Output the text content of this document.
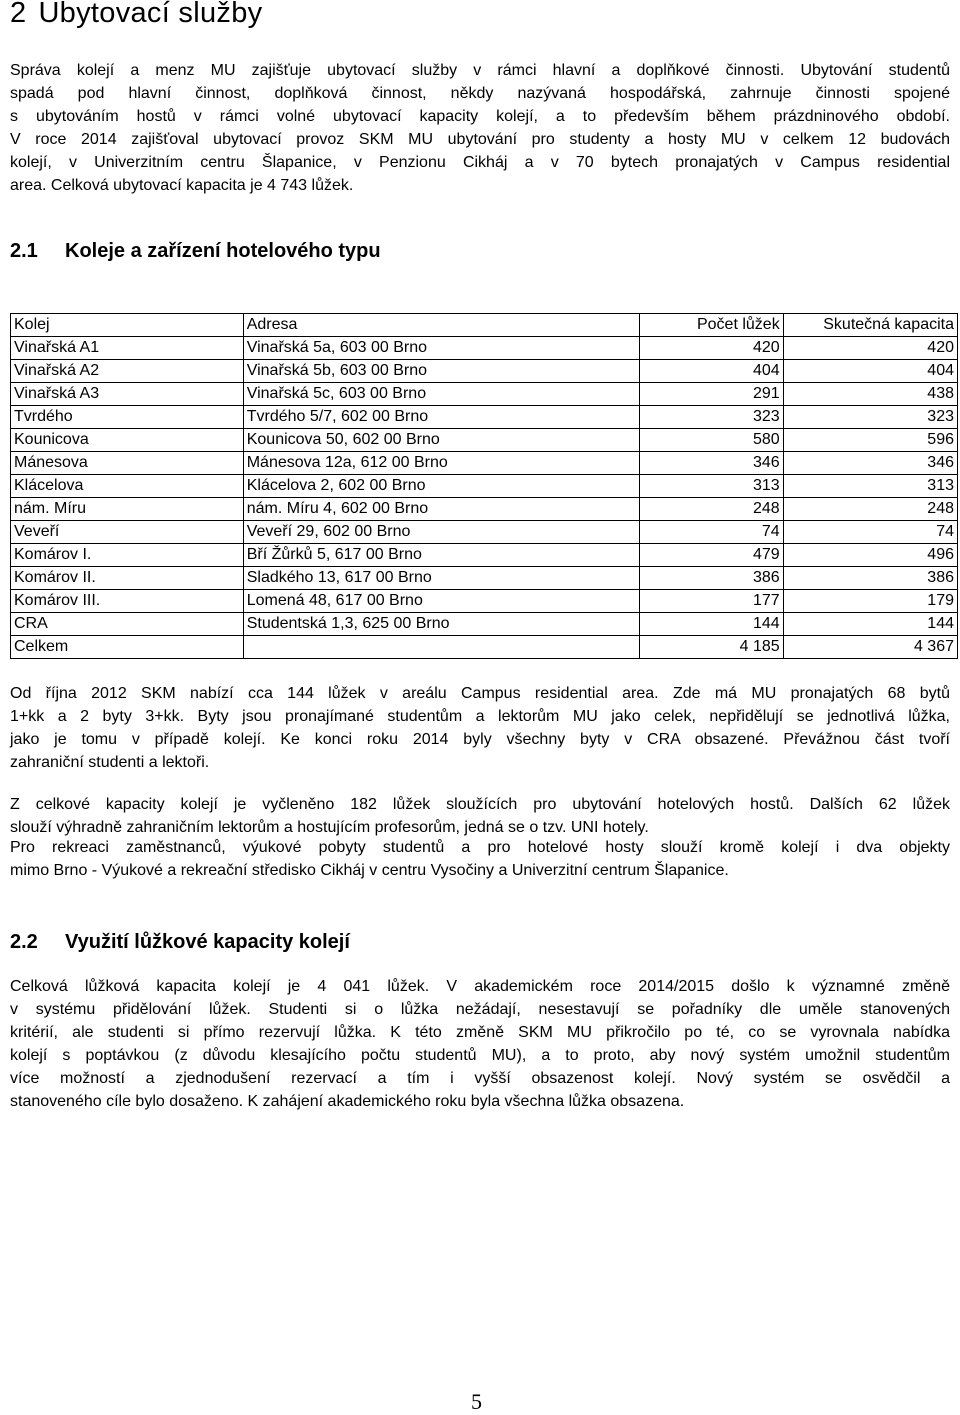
2 Ubytovací služby
Správa kolejí a menz MU zajišťuje ubytovací služby v rámci hlavní a doplňkové činnosti. Ubytování studentů
spadá pod hlavní činnost, doplňková činnost, někdy nazývaná hospodářská, zahrnuje činnosti spojené
s ubytováním hostů v rámci volné ubytovací kapacity kolejí, a to především během prázdninového období.
V roce 2014 zajišťoval ubytovací provoz SKM MU ubytování pro studenty a hosty MU v celkem 12 budovách
kolejí, v Univerzitním centru Šlapanice, v Penzionu Cikháj a v 70 bytech pronajatých v Campus residential
area. Celková ubytovací kapacita je 4 743 lůžek.
2.1 Koleje a zařízení hotelového typu
Kolej	Adresa	Počet lůžek	Skutečná kapacita
Vinařská A1	Vinařská 5a, 603 00 Brno	420	420
Vinařská A2	Vinařská 5b, 603 00 Brno	404	404
Vinařská A3	Vinařská 5c, 603 00 Brno	291	438
Tvrdého	Tvrdého 5/7, 602 00 Brno	323	323
Kounicova	Kounicova 50, 602 00 Brno	580	596
Mánesova	Mánesova 12a, 612 00 Brno	346	346
Klácelova	Klácelova 2, 602 00 Brno	313	313
nám. Míru	nám. Míru 4, 602 00 Brno	248	248
Veveří	Veveří 29, 602 00 Brno	74	74
Komárov I.	Bří Žůrků 5, 617 00 Brno	479	496
Komárov II.	Sladkého 13, 617 00 Brno	386	386
Komárov III.	Lomená 48, 617 00 Brno	177	179
CRA	Studentská 1,3, 625 00 Brno	144	144
Celkem		4 185	4 367
Od října 2012 SKM nabízí cca 144 lůžek v areálu Campus residential area. Zde má MU pronajatých 68 bytů
1+kk a 2 byty 3+kk. Byty jsou pronajímané studentům a lektorům MU jako celek, nepřidělují se jednotlivá lůžka,
jako je tomu v případě kolejí. Ke konci roku 2014 byly všechny byty v CRA obsazené. Převážnou část tvoří
zahraniční studenti a lektoři.
Z celkové kapacity kolejí je vyčleněno 182 lůžek sloužících pro ubytování hotelových hostů. Dalších 62 lůžek
slouží výhradně zahraničním lektorům a hostujícím profesorům, jedná se o tzv. UNI hotely.
Pro rekreaci zaměstnanců, výukové pobyty studentů a pro hotelové hosty slouží kromě kolejí i dva objekty
mimo Brno - Výukové a rekreační středisko Cikháj v centru Vysočiny a Univerzitní centrum Šlapanice.
2.2 Využití lůžkové kapacity kolejí
Celková lůžková kapacita kolejí je 4 041 lůžek. V akademickém roce 2014/2015 došlo k významné změně
v systému přidělování lůžek. Studenti si o lůžka nežádají, nesestavují se pořadníky dle uměle stanovených
kritérií, ale studenti si přímo rezervují lůžka. K této změně SKM MU přikročilo po té, co se vyrovnala nabídka
kolejí s poptávkou (z důvodu klesajícího počtu studentů MU), a to proto, aby nový systém umožnil studentům
více možností a zjednodušení rezervací a tím i vyšší obsazenost kolejí. Nový systém se osvědčil a
stanoveného cíle bylo dosaženo. K zahájení akademického roku byla všechna lůžka obsazena.
5
